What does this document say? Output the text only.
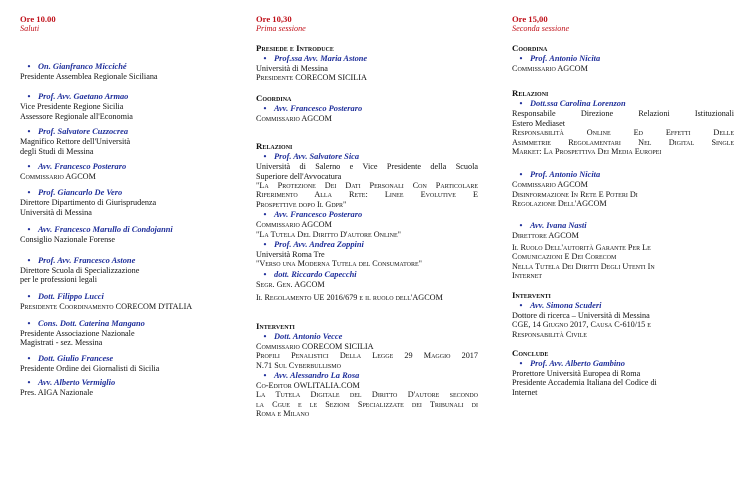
Ore 10.00
Saluti
• On. Gianfranco Micciché
Presidente Assemblea Regionale Siciliana
• Prof. Avv. Gaetano Armao
Vice Presidente Regione Sicilia
Assessore Regionale all'Economia
• Prof. Salvatore Cuzzocrea
Magnifico Rettore dell'Università
degli Studi di Messina
• Avv. Francesco Posteraro
Commissario AGCOM
• Prof. Giancarlo De Vero
Direttore Dipartimento di Giurisprudenza
Università di Messina
• Avv. Francesco Marullo di Condojanni
Consiglio Nazionale Forense
• Prof. Avv. Francesco Astone
Direttore Scuola di Specializzazione
per le professioni legali
• Dott. Filippo Lucci
Presidente Coordinamento CORECOM D'ITALIA
• Cons. Dott. Caterina Mangano
Presidente Associazione Nazionale
Magistrati - sez. Messina
• Dott. Giulio Francese
Presidente Ordine dei Giornalisti di Sicilia
• Avv. Alberto Vermiglio
Pres. AIGA Nazionale
Ore 10,30
Prima sessione
Presiede e Introduce
• Prof.ssa Avv. Maria Astone
Università di Messina
Presidente CORECOM SICILIA
Coordina
• Avv. Francesco Posteraro
Commissario AGCOM
Relazioni
• Prof. Avv. Salvatore Sica
Università di Salerno e Vice Presidente della Scuola
Superiore dell'Avvocatura
"La Protezione Dei Dati Personali Con Particolare
Riferimento Alla Rete: Linee Evolutive E
Prospettive dopo Il Gdpr"
• Avv. Francesco Posteraro
Commissario AGCOM
"La Tutela Del Diritto D'autore Online"
• Prof. Avv. Andrea Zoppini
Università Roma Tre
"Verso una Moderna Tutela del Consumatore"
• dott. Riccardo Capecchi
Segr. Gen. AGCOM
Il Regolamento UE 2016/679 e il ruolo dell'AGCOM
Interventi
• Dott. Antonio Vecce
Commissario CORECOM SICILIA
Profili Penalistici Della Legge 29 Maggio 2017
N.71 Sul Cyberbullismo
• Avv. Alessandro La Rosa
Co-Editor OWLITALIA.COM
La Tutela Digitale del Diritto D'autore secondo
la Cgue e le Sezioni Specializzate dei Tribunali di
Roma e Milano
Ore 15,00
Seconda sessione
Coordina
• Prof. Antonio Nicita
Commissario AGCOM
Relazioni
• Dott.ssa Carolina Lorenzon
Responsabile Direzione Relazioni Istituzionali
Estero Mediaset
Responsabilità Online Ed Effetti Delle
Asimmetrie Regolamentari Nel Digital Single
Market: La Prospettiva Dei Media Europei
• Prof. Antonio Nicita
Commissario AGCOM
Disinformazione In Rete E Poteri Di
Regolazione Dell'AGCOM
• Avv. Ivana Nasti
Direttore AGCOM
Il Ruolo Dell'autorità Garante Per Le
Comunicazioni E Dei Corecom
Nella Tutela Dei Diritti Degli Utenti In
Internet
Interventi
• Avv. Simona Scuderi
Dottore di ricerca – Università di Messina
CGE, 14 Giugno 2017, Causa C-610/15 e
Responsabilità Civile
Conclude
• Prof. Avv. Alberto Gambino
Prorettore Università Europea di Roma
Presidente Accademia Italiana del Codice di
Internet
